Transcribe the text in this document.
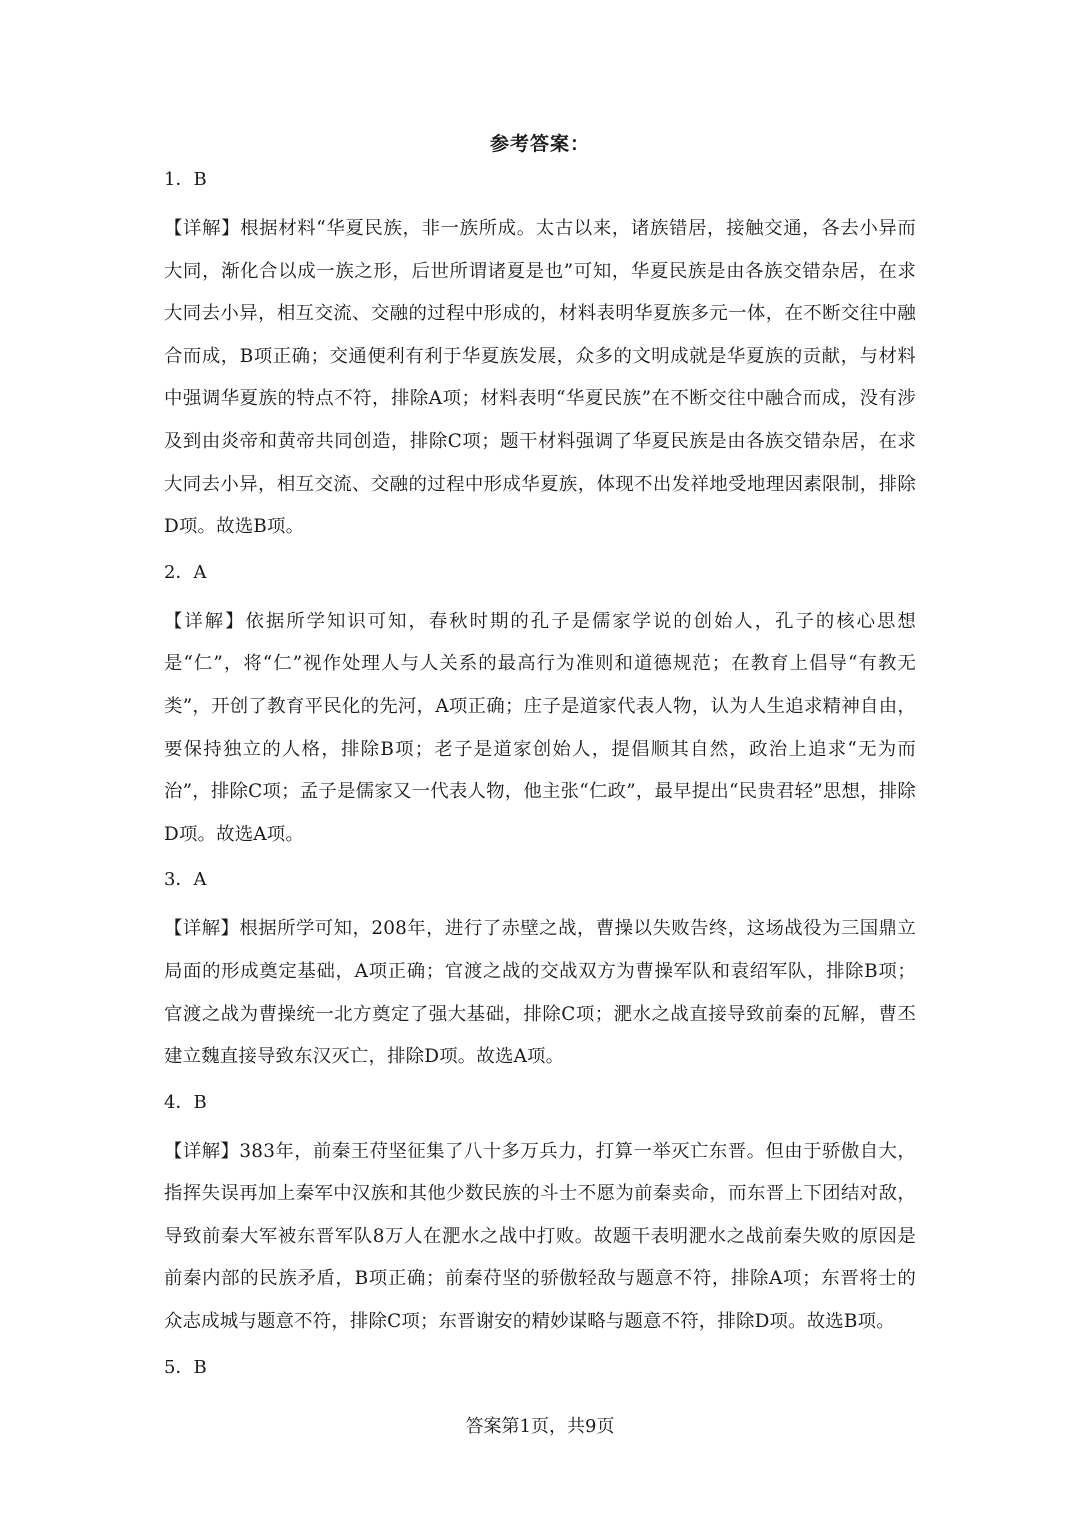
参考答案：
1．B
【详解】根据材料“华夏民族，非一族所成。太古以来，诸族错居，接触交通，各去小异而大同，渐化合以成一族之形，后世所谓诸夏是也”可知，华夏民族是由各族交错杂居，在求大同去小异，相互交流、交融的过程中形成的，材料表明华夏族多元一体，在不断交往中融合而成，B项正确；交通便利有利于华夏族发展，众多的文明成就是华夏族的贡献，与材料中强调华夏族的特点不符，排除A项；材料表明“华夏民族”在不断交往中融合而成，没有涉及到由炎帝和黄帝共同创造，排除C项；题干材料强调了华夏民族是由各族交错杂居，在求大同去小异，相互交流、交融的过程中形成华夏族，体现不出发祥地受地理因素限制，排除D项。故选B项。
2．A
【详解】依据所学知识可知，春秋时期的孔子是儒家学说的创始人，孔子的核心思想是“仁”，将“仁”视作处理人与人关系的最高行为准则和道德规范；在教育上倡导“有教无类”，开创了教育平民化的先河，A项正确；庄子是道家代表人物，认为人生追求精神自由，要保持独立的人格，排除B项；老子是道家创始人，提倡顺其自然，政治上追求“无为而治”，排除C项；孟子是儒家又一代表人物，他主张“仁政”，最早提出“民贵君轻”思想，排除D项。故选A项。
3．A
【详解】根据所学可知，208年，进行了赤壁之战，曹操以失败告终，这场战役为三国鼎立局面的形成奠定基础，A项正确；官渡之战的交战双方为曹操军队和袁绍军队，排除B项；官渡之战为曹操统一北方奠定了强大基础，排除C项；淝水之战直接导致前秦的瓦解，曹丕建立魏直接导致东汉灭亡，排除D项。故选A项。
4．B
【详解】383年，前秦王苻坚征集了八十多万兵力，打算一举灭亡东晋。但由于骄傲自大，指挥失误再加上秦军中汉族和其他少数民族的斗士不愿为前秦卖命，而东晋上下团结对敌，导致前秦大军被东晋军队8万人在淝水之战中打败。故题干表明淝水之战前秦失败的原因是前秦内部的民族矛盾，B项正确；前秦苻坚的骄傲轻敌与题意不符，排除A项；东晋将士的众志成城与题意不符，排除C项；东晋谢安的精妙谋略与题意不符，排除D项。故选B项。
5．B
答案第1页，共9页
